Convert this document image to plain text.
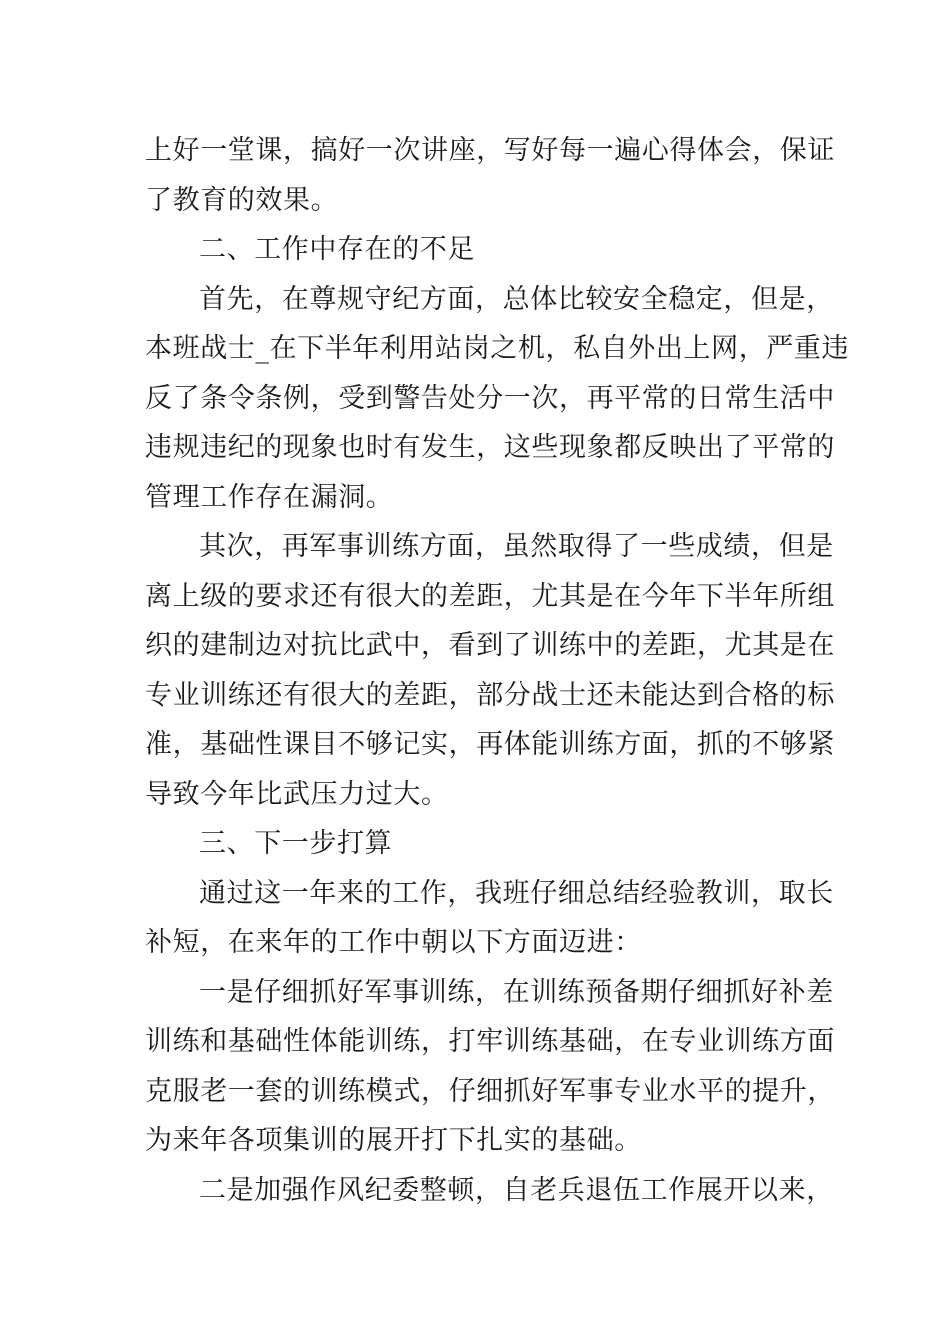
上好一堂课，搞好一次讲座，写好每一遍心得体会，保证
了教育的效果。
二、工作中存在的不足
首先，在尊规守纪方面，总体比较安全稳定，但是，
本班战士_在下半年利用站岗之机，私自外出上网，严重违
反了条令条例，受到警告处分一次，再平常的日常生活中
违规违纪的现象也时有发生，这些现象都反映出了平常的
管理工作存在漏洞。
其次，再军事训练方面，虽然取得了一些成绩，但是
离上级的要求还有很大的差距，尤其是在今年下半年所组
织的建制边对抗比武中，看到了训练中的差距，尤其是在
专业训练还有很大的差距，部分战士还未能达到合格的标
准，基础性课目不够记实，再体能训练方面，抓的不够紧
导致今年比武压力过大。
三、下一步打算
通过这一年来的工作，我班仔细总结经验教训，取长
补短，在来年的工作中朝以下方面迈进：
一是仔细抓好军事训练，在训练预备期仔细抓好补差
训练和基础性体能训练，打牢训练基础，在专业训练方面
克服老一套的训练模式，仔细抓好军事专业水平的提升，
为来年各项集训的展开打下扎实的基础。
二是加强作风纪委整顿，自老兵退伍工作展开以来，
